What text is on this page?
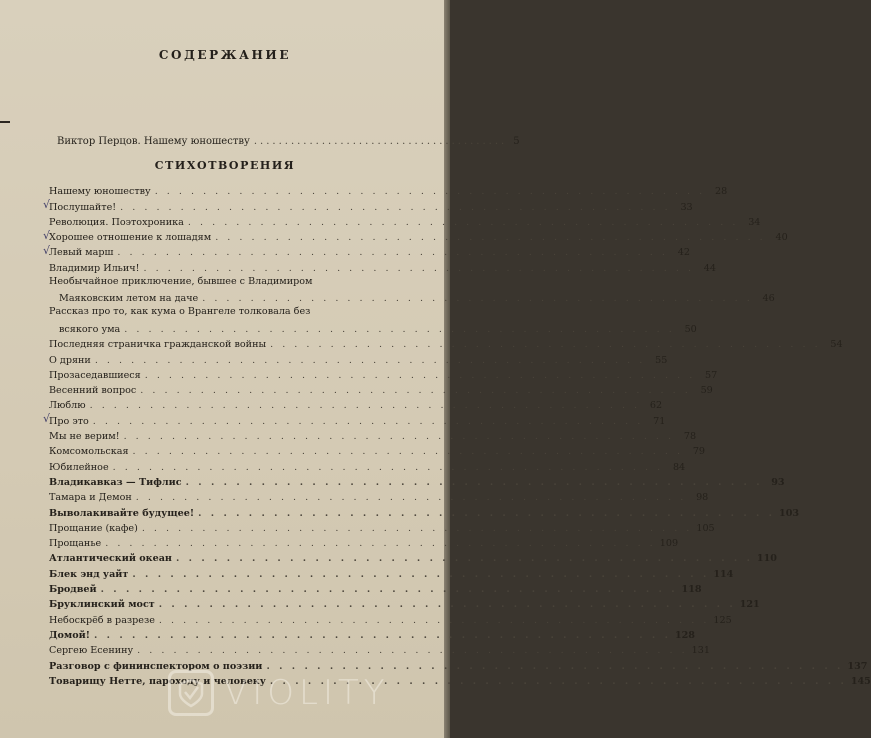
СОДЕРЖАНИЕ
Виктор Перцов. Нашему юношеству ......................................... 5
СТИХОТВОРЕНИЯ
Нашему юношеству . . . . . . . . . . . . . . . . . . . . . . . . . . . . . . . . . . . . . . . . . . . . . .	28
Послушайте! . . . . . . . . . . . . . . . . . . . . . . . . . . . . . . . . . . . . . . . . . . . . . .	33
Революция. Поэтохроника . . . . . . . . . . . . . . . . . . . . . . . . . . . . . . . . . . . . . . . . . . . . . .	34
Хорошее отношение к лошадям . . . . . . . . . . . . . . . . . . . . . . . . . . . . . . . . . . . . . . . . . . . . . .	40
Левый марш . . . . . . . . . . . . . . . . . . . . . . . . . . . . . . . . . . . . . . . . . . . . . .	42
Владимир Ильич! . . . . . . . . . . . . . . . . . . . . . . . . . . . . . . . . . . . . . . . . . . . . . .	44
Необычайное приключение, бывшее с Владимиром
Маяковским летом на даче . . . . . . . . . . . . . . . . . . . . . . . . . . . . . . . . . . . . . . . . . . . . . .	46
Рассказ про то, как кума о Врангеле толковала без
всякого ума . . . . . . . . . . . . . . . . . . . . . . . . . . . . . . . . . . . . . . . . . . . . . .	50
Последняя страничка гражданской войны . . . . . . . . . . . . . . . . . . . . . . . . . . . . . . . . . . . . . . . . . . . . . .	54
О дряни . . . . . . . . . . . . . . . . . . . . . . . . . . . . . . . . . . . . . . . . . . . . . .	55
Прозаседавшиеся . . . . . . . . . . . . . . . . . . . . . . . . . . . . . . . . . . . . . . . . . . . . . .	57
Весенний вопрос . . . . . . . . . . . . . . . . . . . . . . . . . . . . . . . . . . . . . . . . . . . . . .	59
Люблю . . . . . . . . . . . . . . . . . . . . . . . . . . . . . . . . . . . . . . . . . . . . . .	62
Про это . . . . . . . . . . . . . . . . . . . . . . . . . . . . . . . . . . . . . . . . . . . . . .	71
Мы не верим! . . . . . . . . . . . . . . . . . . . . . . . . . . . . . . . . . . . . . . . . . . . . . .	78
Комсомольская . . . . . . . . . . . . . . . . . . . . . . . . . . . . . . . . . . . . . . . . . . . . . .	79
Юбилейное . . . . . . . . . . . . . . . . . . . . . . . . . . . . . . . . . . . . . . . . . . . . . .	84
Владикавказ — Тифлис . . . . . . . . . . . . . . . . . . . . . . . . . . . . . . . . . . . . . . . . . . . . . . 93
Тамара и Демон . . . . . . . . . . . . . . . . . . . . . . . . . . . . . . . . . . . . . . . . . . . . . .	98
Выволакивайте будущее! . . . . . . . . . . . . . . . . . . . . . . . . . . . . . . . . . . . . . . . . . . . . . . 103
Прощание (кафе) . . . . . . . . . . . . . . . . . . . . . . . . . . . . . . . . . . . . . . . . . . . . . . 105
Прощанье . . . . . . . . . . . . . . . . . . . . . . . . . . . . . . . . . . . . . . . . . . . . . . 109
Атлантический океан . . . . . . . . . . . . . . . . . . . . . . . . . . . . . . . . . . . . . . . . . . . . . . 110
Блек энд уайт . . . . . . . . . . . . . . . . . . . . . . . . . . . . . . . . . . . . . . . . . . . . . . 114
Бродвей . . . . . . . . . . . . . . . . . . . . . . . . . . . . . . . . . . . . . . . . . . . . . . 118
Бруклинский мост . . . . . . . . . . . . . . . . . . . . . . . . . . . . . . . . . . . . . . . . . . . . . . 121
Небоскрёб в разрезе . . . . . . . . . . . . . . . . . . . . . . . . . . . . . . . . . . . . . . . . . . . . . . 125
Домой! . . . . . . . . . . . . . . . . . . . . . . . . . . . . . . . . . . . . . . . . . . . . . . 128
Сергею Есенину . . . . . . . . . . . . . . . . . . . . . . . . . . . . . . . . . . . . . . . . . . . . . . 131
Разговор с фининспектором о поэзии . . . . . . . . . . . . . . . . . . . . . . . . . . . . . . . . . . . . . . . . . . . . . . 137
Товарищу Нетте, пароходу и человеку . . . . . . . . . . . . . . . . . . . . . . . . . . . . . . . . . . . . . . . . . . . . . . 145
VIOLITY
√
√
√
√
